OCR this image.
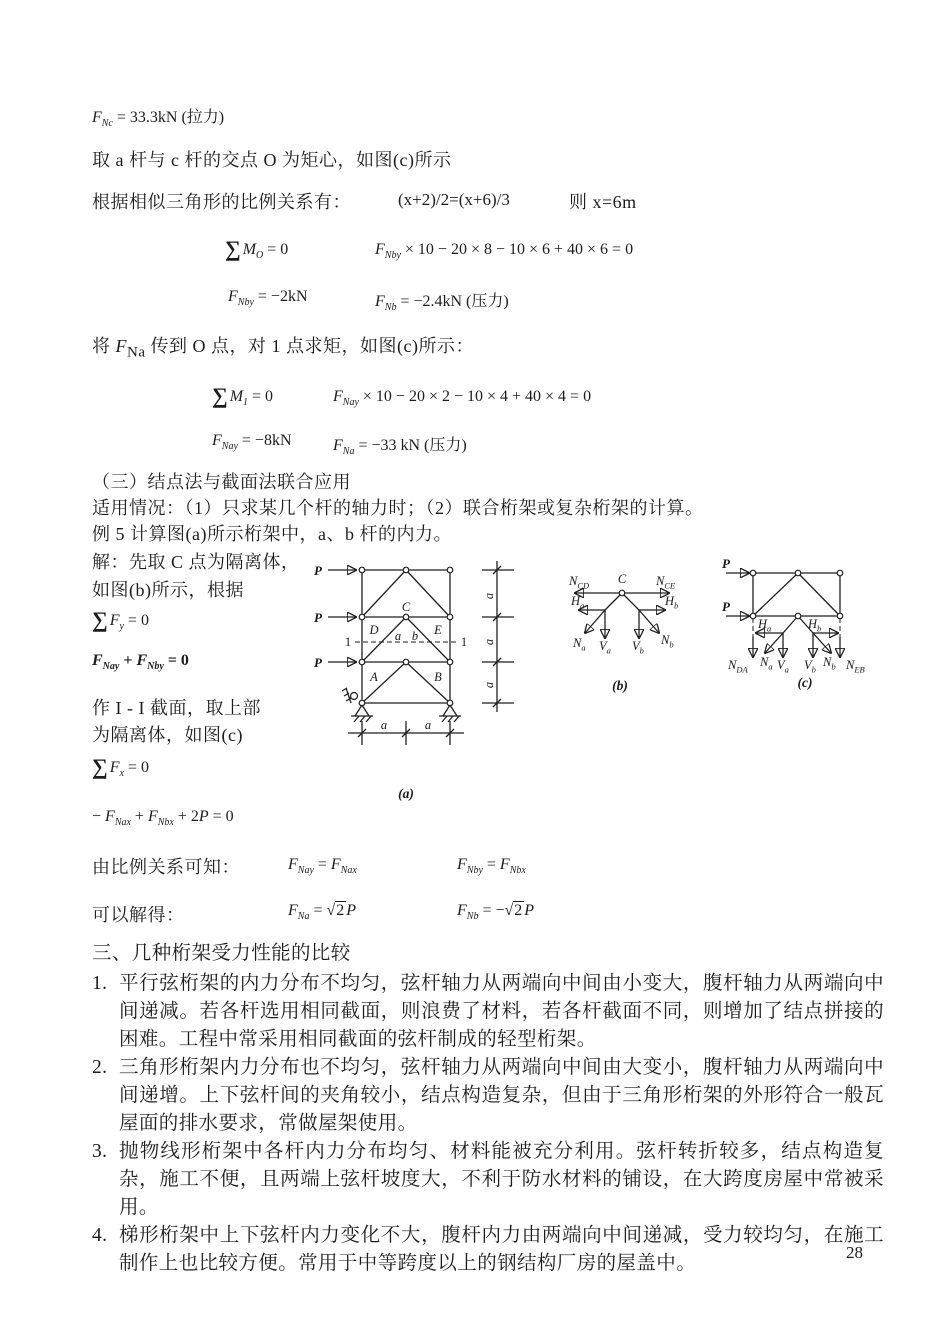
$F_{Nc} = 33.3kN$ (拉力)
取 a 杆与 c 杆的交点 O 为矩心，如图(c)所示
根据相似三角形的比例关系有：	(x+2)/2=(x+6)/3	则 x=6m
∑ $M_O = 0$	$F_{Nby} \times 10 - 20 \times 8 - 10 \times 6 + 40 \times 6 = 0$
$F_{Nby} = -2kN$	$F_{Nb} = -2.4kN$ (压力)
将 $F_{Na}$ 传到 O 点，对 1 点求矩，如图(c)所示：
∑ $M_1 = 0$	$F_{Nay} \times 10 - 20 \times 2 - 10 \times 4 + 40 \times 4 = 0$
$F_{Nay} = -8kN$	$F_{Na} = -33$ kN (压力)
（三）结点法与截面法联合应用
适用情况：（1）只求某几个杆的轴力时；（2）联合桁架或复杂桁架的计算。
例 5 计算图(a)所示桁架中，a、b 杆的内力。
解：先取 C 点为隔离体，
如图(b)所示，根据
∑ $F_y = 0$
$F_{Nay} + F_{Nby} = 0$
作 I - I 截面，取上部
为隔离体，如图(c)
∑ $F_x = 0$
− $F_{Nax} + F_{Nbx} + 2P = 0$
由比例关系可知：	$F_{Nay} = F_{Nax}$	$F_{Nby} = F_{Nbx}$
可以解得：	$F_{Na} = √2$ P	$F_{Nb} = -√2$ P
P
P
P
C
D	E
a b
A	B
1	1
a
a
a
a	a
(a)
$N_{CD}$ C $N_{CE}$
$H_a$	$H_b$
$N_a$ $V_a$ $V_b$
$N_b$
(b)
P
P
$H_a$	$H_b$
$N_{DA}$
$N_a$ $V_a$ $V_b$
$N_b$ $N_{EB}$
(c)
三、几种桁架受力性能的比较
1. 平行弦桁架的内力分布不均匀，弦杆轴力从两端向中间由小变大，腹杆轴力从两端向中间递减。若各杆选用相同截面，则浪费了材料，若各杆截面不同，则增加了结点拼接的困难。工程中常采用相同截面的弦杆制成的轻型桁架。
2. 三角形桁架内力分布也不均匀，弦杆轴力从两端向中间由大变小，腹杆轴力从两端向中间递增。上下弦杆间的夹角较小，结点构造复杂，但由于三角形桁架的外形符合一般瓦屋面的排水要求，常做屋架使用。
3. 抛物线形桁架中各杆内力分布均匀、材料能被充分利用。弦杆转折较多，结点构造复杂，施工不便，且两端上弦杆坡度大，不利于防水材料的铺设，在大跨度房屋中常被采用。
4. 梯形桁架中上下弦杆内力变化不大，腹杆内力由两端向中间递减，受力较均匀，在施工制作上也比较方便。常用于中等跨度以上的钢结构厂房的屋盖中。
28
